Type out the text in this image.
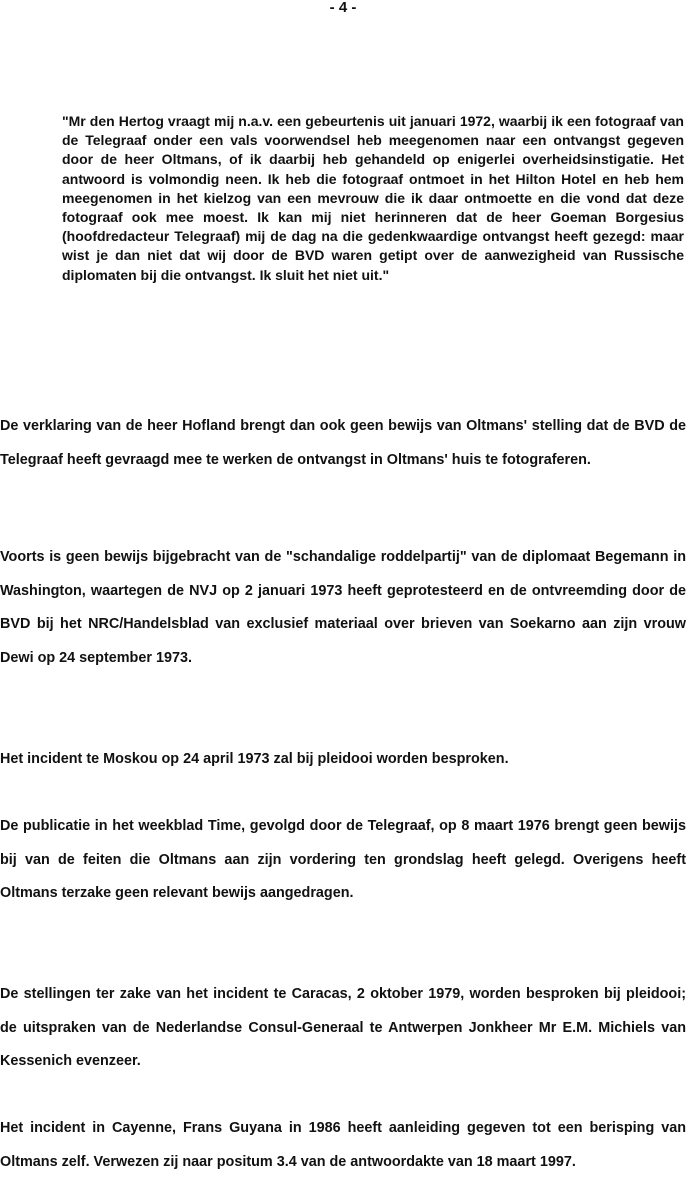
- 4 -
"Mr den Hertog vraagt mij n.a.v. een gebeurtenis uit januari 1972, waarbij ik een fotograaf van de Telegraaf onder een vals voorwendsel heb meegenomen naar een ontvangst gegeven door de heer Oltmans, of ik daarbij heb gehandeld op enigerlei overheidsinstigatie. Het antwoord is volmondig neen. Ik heb die fotograaf ontmoet in het Hilton Hotel en heb hem meegenomen in het kielzog van een mevrouw die ik daar ontmoette en die vond dat deze fotograaf ook mee moest. Ik kan mij niet herinneren dat de heer Goeman Borgesius (hoofdredacteur Telegraaf) mij de dag na die gedenkwaardige ontvangst heeft gezegd: maar wist je dan niet dat wij door de BVD waren getipt over de aanwezigheid van Russische diplomaten bij die ontvangst. Ik sluit het niet uit."

De verklaring van de heer Hofland brengt dan ook geen bewijs van Oltmans' stelling dat de BVD de Telegraaf heeft gevraagd mee te werken de ontvangst in Oltmans' huis te fotograferen.

Voorts is geen bewijs bijgebracht van de "schandalige roddelpartij" van de diplomaat Begemann in Washington, waartegen de NVJ op 2 januari 1973 heeft geprotesteerd en de ontvreemding door de BVD bij het NRC/Handelsblad van exclusief materiaal over brieven van Soekarno aan zijn vrouw Dewi op 24 september 1973.

Het incident te Moskou op 24 april 1973 zal bij pleidooi worden besproken.

De publicatie in het weekblad Time, gevolgd door de Telegraaf, op 8 maart 1976 brengt geen bewijs bij van de feiten die Oltmans aan zijn vordering ten grondslag heeft gelegd. Overigens heeft Oltmans terzake geen relevant bewijs aangedragen.

De stellingen ter zake van het incident te Caracas, 2 oktober 1979, worden besproken bij pleidooi; de uitspraken van de Nederlandse Consul-Generaal te Antwerpen Jonkheer Mr E.M. Michiels van Kessenich evenzeer.

Het incident in Cayenne, Frans Guyana in 1986 heeft aanleiding gegeven tot een berisping van Oltmans zelf. Verwezen zij naar positum 3.4 van de antwoordakte van 18 maart 1997.
